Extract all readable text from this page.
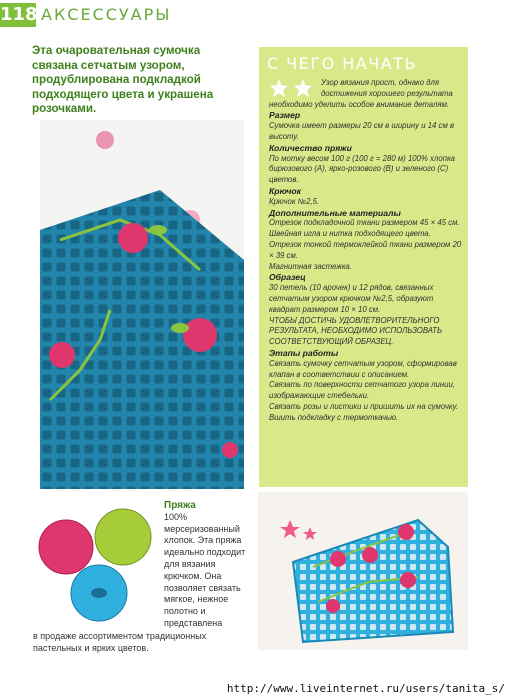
118 АКСЕССУАРЫ
Эта очаровательная сумочка связана сетчатым узором, продублирована подкладкой подходящего цвета и украшена розочками.
С ЧЕГО НАЧАТЬ

Узор вязания прост, однако для достижения хорошего результата необходимо уделить особое внимание деталям.

Размер

Сумочка имеет размеры 20 см в ширину и 14 см в высоту.

Количество пряжи

По мотку весом 100 г (100 г = 280 м) 100% хлопка бирюзового (А), ярко-розового (В) и зеленого (С) цветов.

Крючок

Крючок №2,5.

Дополнительные материалы

Отрезок подкладочной ткани размером 45 × 45 см.

Швейная игла и нитка подходящего цвета.

Отрезок тонкой термоклейкой ткани размером 20 × 39 см.

Магнитная застежка.

Образец

30 петель (10 арочек) и 12 рядов, связанных сетчатым узором крючком №2,5, образуют квадрат размером 10 × 10 см.

ЧТОБЫ ДОСТИЧЬ УДОВЛЕТВОРИТЕЛЬНОГО РЕЗУЛЬТАТА, НЕОБХОДИМО ИСПОЛЬЗОВАТЬ СООТВЕТСТВУЮЩИЙ ОБРАЗЕЦ.

Этапы работы

Связать сумочку сетчатым узором, сформировав клапан в соответствии с описанием.

Связать по поверхности сетчатого узора линии, изображающие стебельки.

Связать розы и листики и пришить их на сумочку.

Вшить подкладку с термоткачью.

Пряжа
100% мерсеризованный хлопок. Эта пряжа идеально подходит для вязания крючком. Она позволяет связать мягкое, нежное полотно и представлена
в продаже ассортиментом традиционных пастельных и ярких цветов.
http://www.liveinternet.ru/users/tanita_s/
